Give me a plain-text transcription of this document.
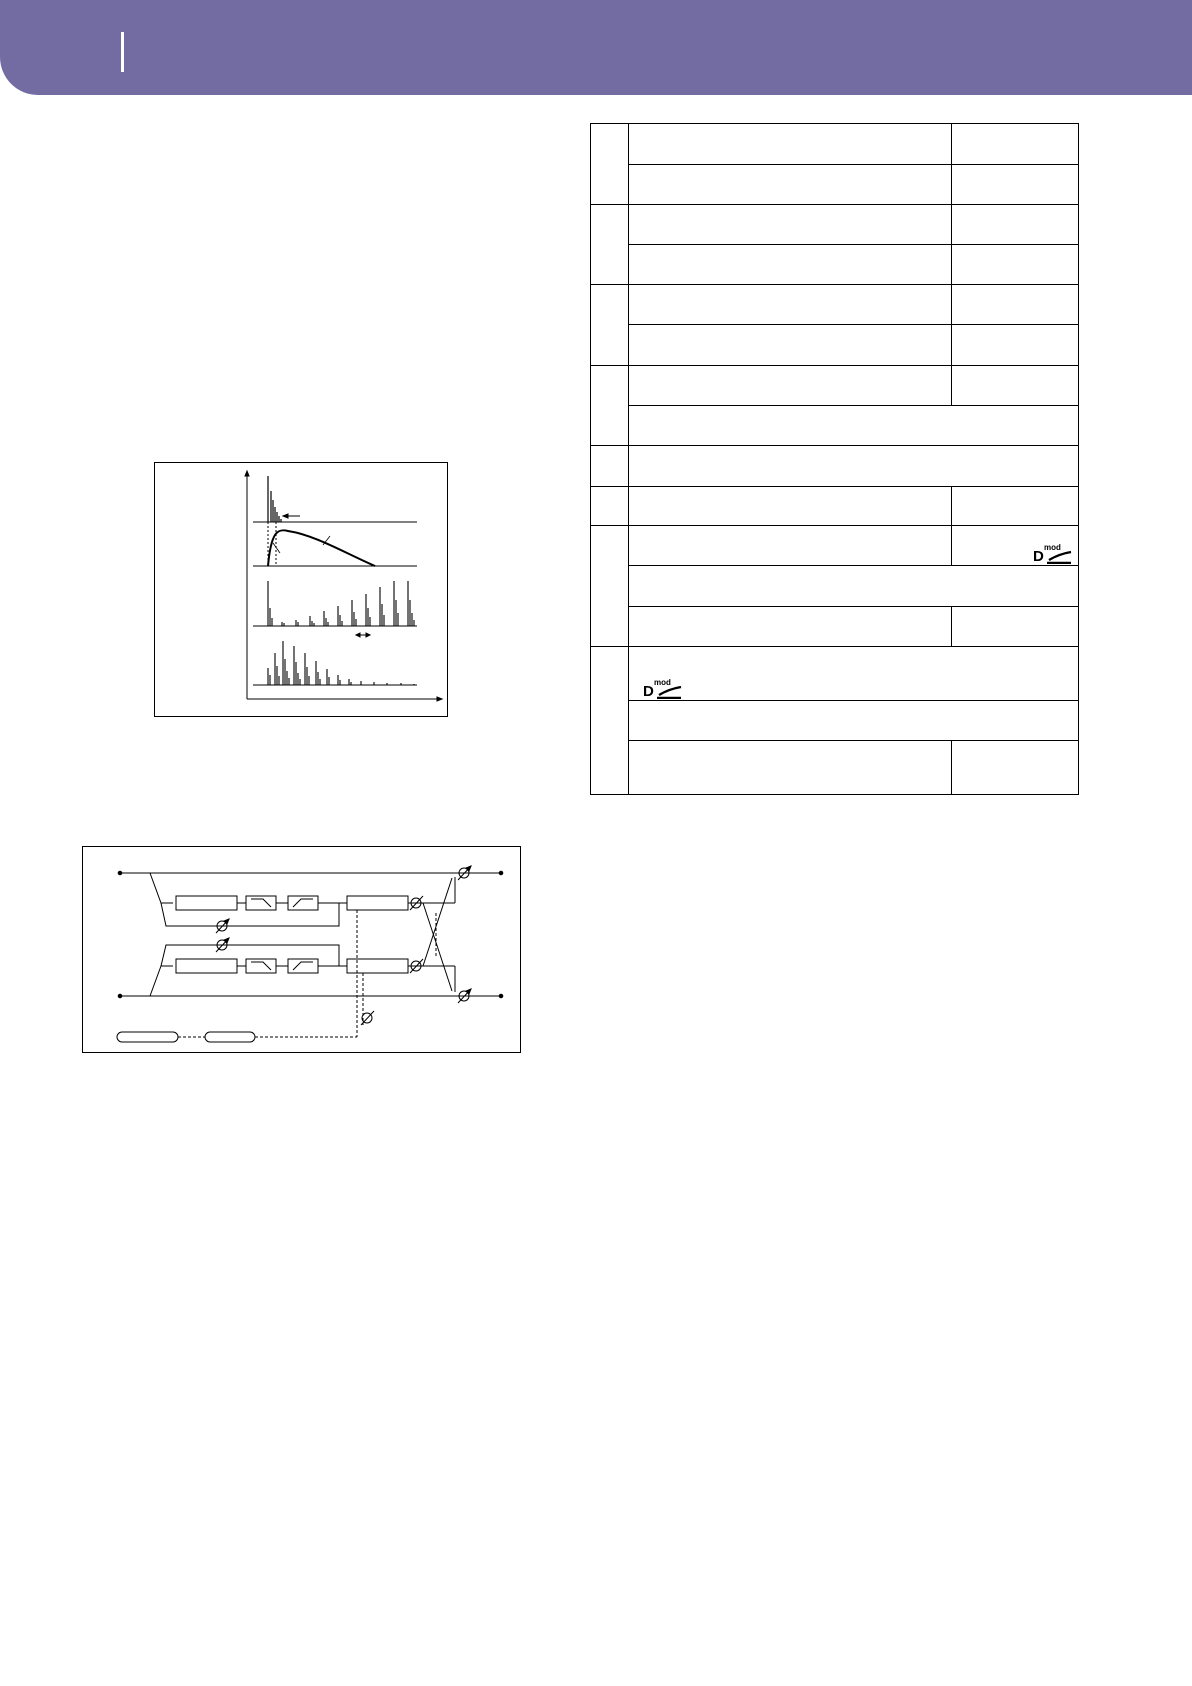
D
mod
D
mod
